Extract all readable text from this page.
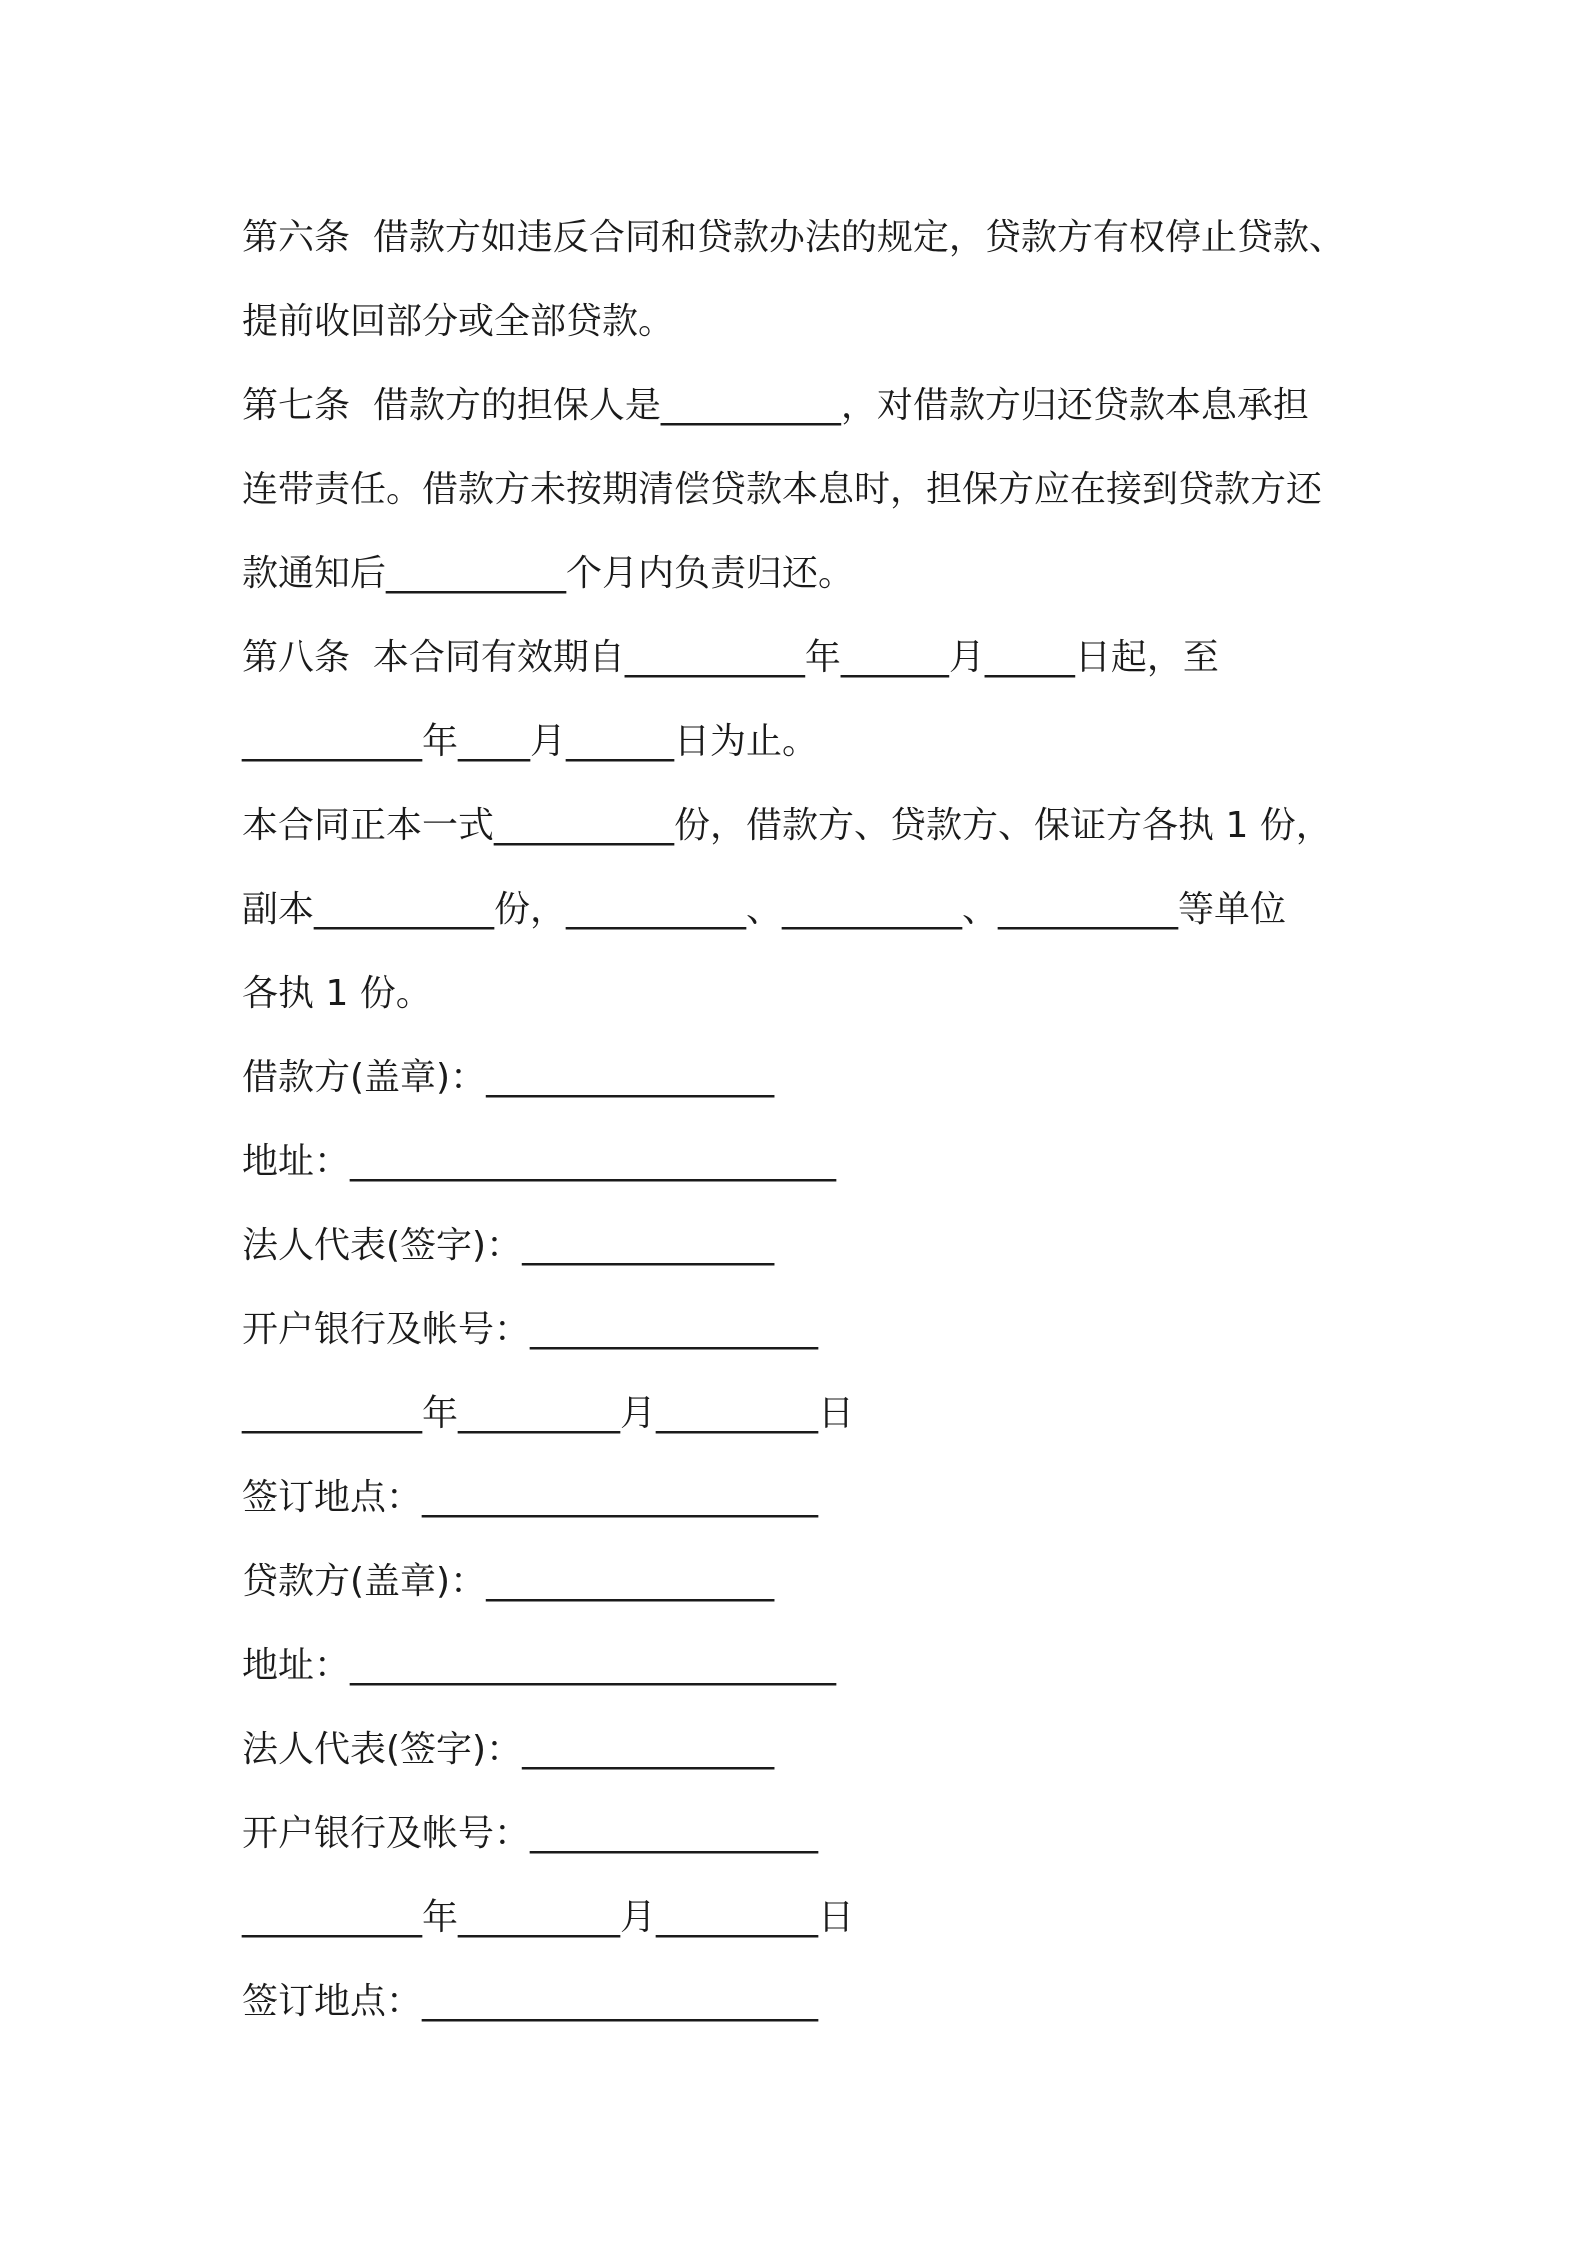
第六条  借款方如违反合同和贷款办法的规定，贷款方有权停止贷款、
提前收回部分或全部贷款。
第七条  借款方的担保人是__________，对借款方归还贷款本息承担
连带责任。借款方未按期清偿贷款本息时，担保方应在接到贷款方还
款通知后__________个月内负责归还。
第八条  本合同有效期自__________年______月_____日起，至
__________年____月______日为止。
本合同正本一式__________份，借款方、贷款方、保证方各执 1 份，
副本__________份，__________、__________、__________等单位
各执 1 份。
借款方(盖章)：________________
地址：___________________________
法人代表(签字)：______________
开户银行及帐号：________________
__________年_________月_________日
签订地点：______________________
贷款方(盖章)：________________
地址：___________________________
法人代表(签字)：______________
开户银行及帐号：________________
__________年_________月_________日
签订地点：______________________
